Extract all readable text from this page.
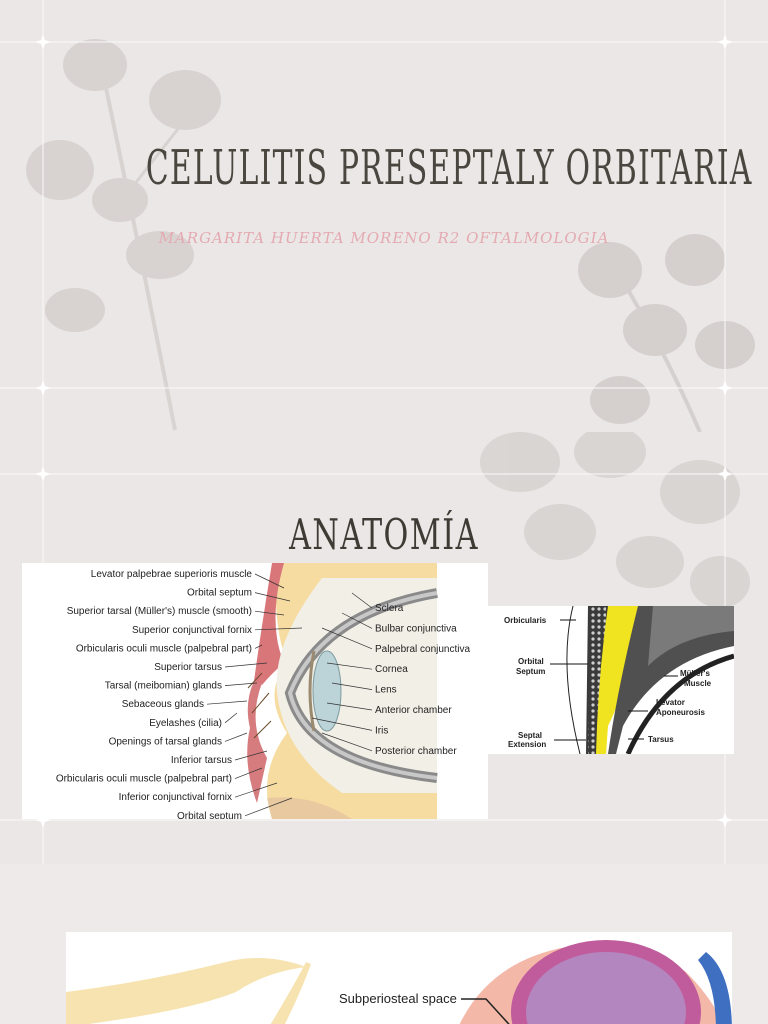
CELULITIS PRESEPTALY ORBITARIA
MARGARITA HUERTA MORENO R2 OFTALMOLOGIA
ANATOMÍA
Levator palpebrae superioris muscle
Orbital septum
Superior tarsal (Müller's) muscle (smooth)
Superior conjunctival fornix
Orbicularis oculi muscle (palpebral part)
Superior tarsus
Tarsal (meibomian) glands
Sebaceous glands
Eyelashes (cilia)
Openings of tarsal glands
Inferior tarsus
Orbicularis oculi muscle (palpebral part)
Inferior conjunctival fornix
Orbital septum
Sclera
Bulbar conjunctiva
Palpebral conjunctiva
Cornea
Lens
Anterior chamber
Iris
Posterior chamber
Orbicularis
Orbital
Septum	Müller's
Muscle
Levator
Aponeurosis
Septal
Extension
Tarsus
Subperiosteal space
